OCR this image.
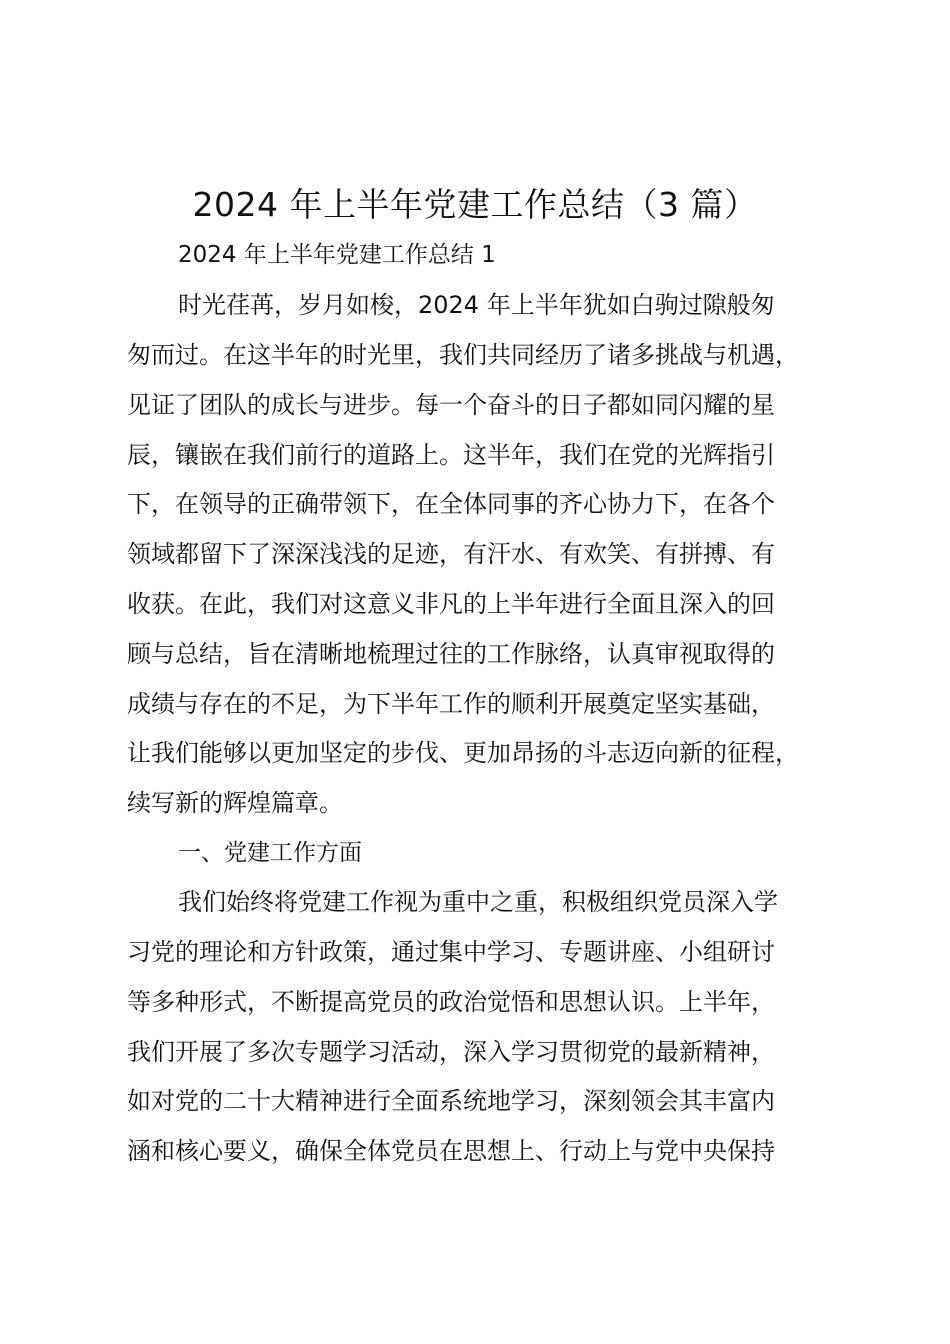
2024 年上半年党建工作总结（3 篇）
2024 年上半年党建工作总结 1
时光荏苒，岁月如梭，2024 年上半年犹如白驹过隙般匆
匆而过。在这半年的时光里，我们共同经历了诸多挑战与机遇，
见证了团队的成长与进步。每一个奋斗的日子都如同闪耀的星
辰，镶嵌在我们前行的道路上。这半年，我们在党的光辉指引
下，在领导的正确带领下，在全体同事的齐心协力下，在各个
领域都留下了深深浅浅的足迹，有汗水、有欢笑、有拼搏、有
收获。在此，我们对这意义非凡的上半年进行全面且深入的回
顾与总结，旨在清晰地梳理过往的工作脉络，认真审视取得的
成绩与存在的不足，为下半年工作的顺利开展奠定坚实基础，
让我们能够以更加坚定的步伐、更加昂扬的斗志迈向新的征程，
续写新的辉煌篇章。
一、党建工作方面
我们始终将党建工作视为重中之重，积极组织党员深入学
习党的理论和方针政策，通过集中学习、专题讲座、小组研讨
等多种形式，不断提高党员的政治觉悟和思想认识。上半年，
我们开展了多次专题学习活动，深入学习贯彻党的最新精神，
如对党的二十大精神进行全面系统地学习，深刻领会其丰富内
涵和核心要义，确保全体党员在思想上、行动上与党中央保持
